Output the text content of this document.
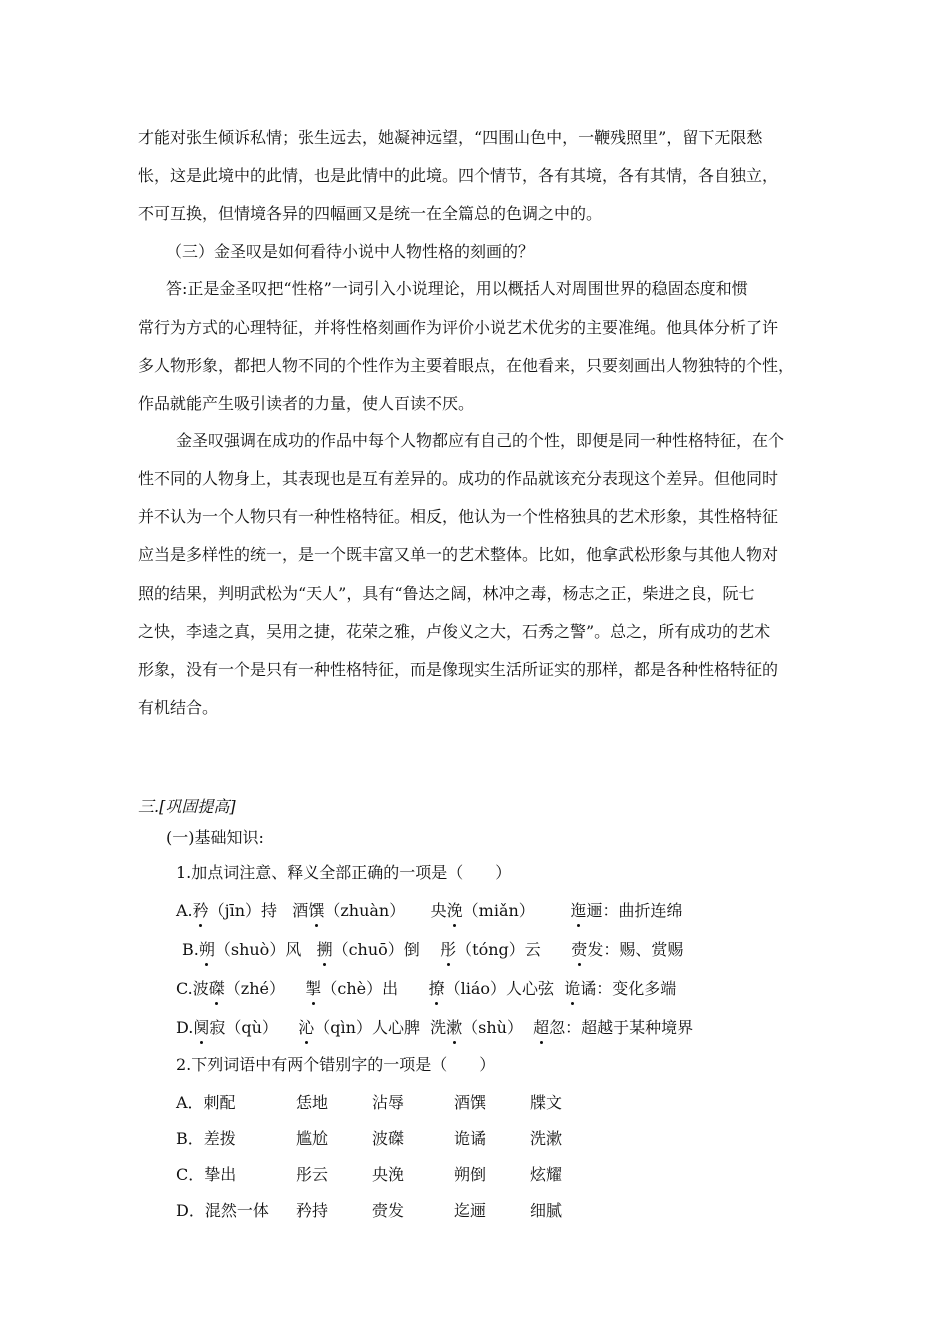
才能对张生倾诉私情；张生远去，她凝神远望，“四围山色中，一鞭残照里”，留下无限愁
怅，这是此境中的此情，也是此情中的此境。四个情节，各有其境，各有其情，各自独立，
不可互换，但情境各异的四幅画又是统一在全篇总的色调之中的。
（三）金圣叹是如何看待小说中人物性格的刻画的？
答:正是金圣叹把“性格”一词引入小说理论，用以概括人对周围世界的稳固态度和惯
常行为方式的心理特征，并将性格刻画作为评价小说艺术优劣的主要准绳。他具体分析了许
多人物形象，都把人物不同的个性作为主要着眼点，在他看来，只要刻画出人物独特的个性，
作品就能产生吸引读者的力量，使人百读不厌。
金圣叹强调在成功的作品中每个人物都应有自己的个性，即便是同一种性格特征，在个
性不同的人物身上，其表现也是互有差异的。成功的作品就该充分表现这个差异。但他同时
并不认为一个人物只有一种性格特征。相反，他认为一个性格独具的艺术形象，其性格特征
应当是多样性的统一，是一个既丰富又单一的艺术整体。比如，他拿武松形象与其他人物对
照的结果，判明武松为“天人”，具有“鲁达之阔，林冲之毒，杨志之正，柴进之良，阮七
之快，李逵之真，吴用之捷，花荣之雅，卢俊义之大，石秀之警”。总之，所有成功的艺术
形象，没有一个是只有一种性格特征，而是像现实生活所证实的那样，都是各种性格特征的
有机结合。
三.[巩固提高]
(一)基础知识:
1.加点词注意、释义全部正确的一项是（　　）
A.矜（jīn）持   酒馔（zhuàn）     央浼（miǎn） 迤逦：曲折连绵
B.朔（shuò）风   搠（chuō）倒    彤（tóng）云      赍发：赐、赏赐
C.波磔（zhé）    掣（chè）出      撩（liáo）人心弦  诡谲：变化多端
D.阒寂（qù）    沁（qìn）人心脾  洗漱（shù）  超忽：超越于某种境界
2.下列词语中有两个错别字的一项是（　　）
A．刺配	恁地	沾辱	酒馔	牒文
B．差拨	尴尬	波磔	诡谲	洗漱
C．挚出	彤云	央浼	朔倒	炫耀
D．混然一体 矜持	赍发	迄逦	细腻
